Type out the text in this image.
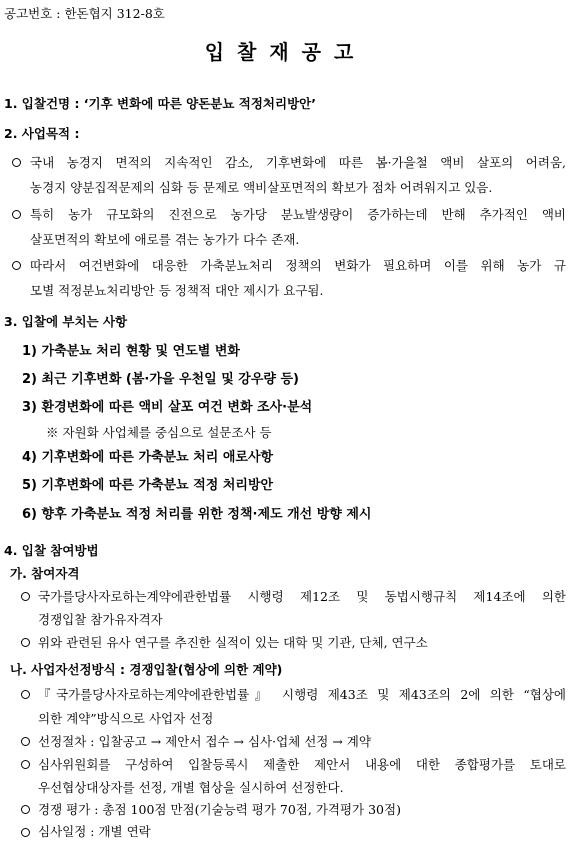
공고번호 : 한돈협지 312-8호
입찰재공고
1. 입찰건명 : ‘기후 변화에 따른 양돈분뇨 적정처리방안’
2. 사업목적 :
국내 농경지 면적의 지속적인 감소, 기후변화에 따른 봄·가을철 액비 살포의 어려움,
농경지 양분집적문제의 심화 등 문제로 액비살포면적의 확보가 점차 어려워지고 있음.
특히 농가 규모화의 진전으로 농가당 분뇨발생량이 증가하는데 반해 추가적인 액비
살포면적의 확보에 애로를 겪는 농가가 다수 존재.
따라서 여건변화에 대응한 가축분뇨처리 정책의 변화가 필요하며 이를 위해 농가 규
모별 적정분뇨처리방안 등 정책적 대안 제시가 요구됨.
3. 입찰에 부치는 사항
1) 가축분뇨 처리 현황 및 연도별 변화
2) 최근 기후변화 (봄·가을 우천일 및 강우량 등)
3) 환경변화에 따른 액비 살포 여건 변화 조사·분석
※ 자원화 사업체를 중심으로 설문조사 등
4) 기후변화에 따른 가축분뇨 처리 애로사항
5) 기후변화에 따른 가축분뇨 적정 처리방안
6) 향후 가축분뇨 적정 처리를 위한 정책·제도 개선 방향 제시
4. 입찰 참여방법
가. 참여자격
국가를당사자로하는계약에관한법률 시행령 제12조 및 동법시행규칙 제14조에 의한
경쟁입찰 참가유자격자
위와 관련된 유사 연구를 추진한 실적이 있는 대학 및 기관, 단체, 연구소
나. 사업자선정방식 : 경쟁입찰(협상에 의한 계약)
『국가를당사자로하는계약에관한법률』 시행령 제43조 및 제43조의 2에 의한 “협상에
의한 계약”방식으로 사업자 선정
선정절차 : 입찰공고 → 제안서 접수 → 심사·업체 선정 → 계약
심사위원회를 구성하여 입찰등록시 제출한 제안서 내용에 대한 종합평가를 토대로
우선협상대상자를 선정, 개별 협상을 실시하여 선정한다.
경쟁 평가 : 총점 100점 만점(기술능력 평가 70점, 가격평가 30점)
심사일정 : 개별 연락
